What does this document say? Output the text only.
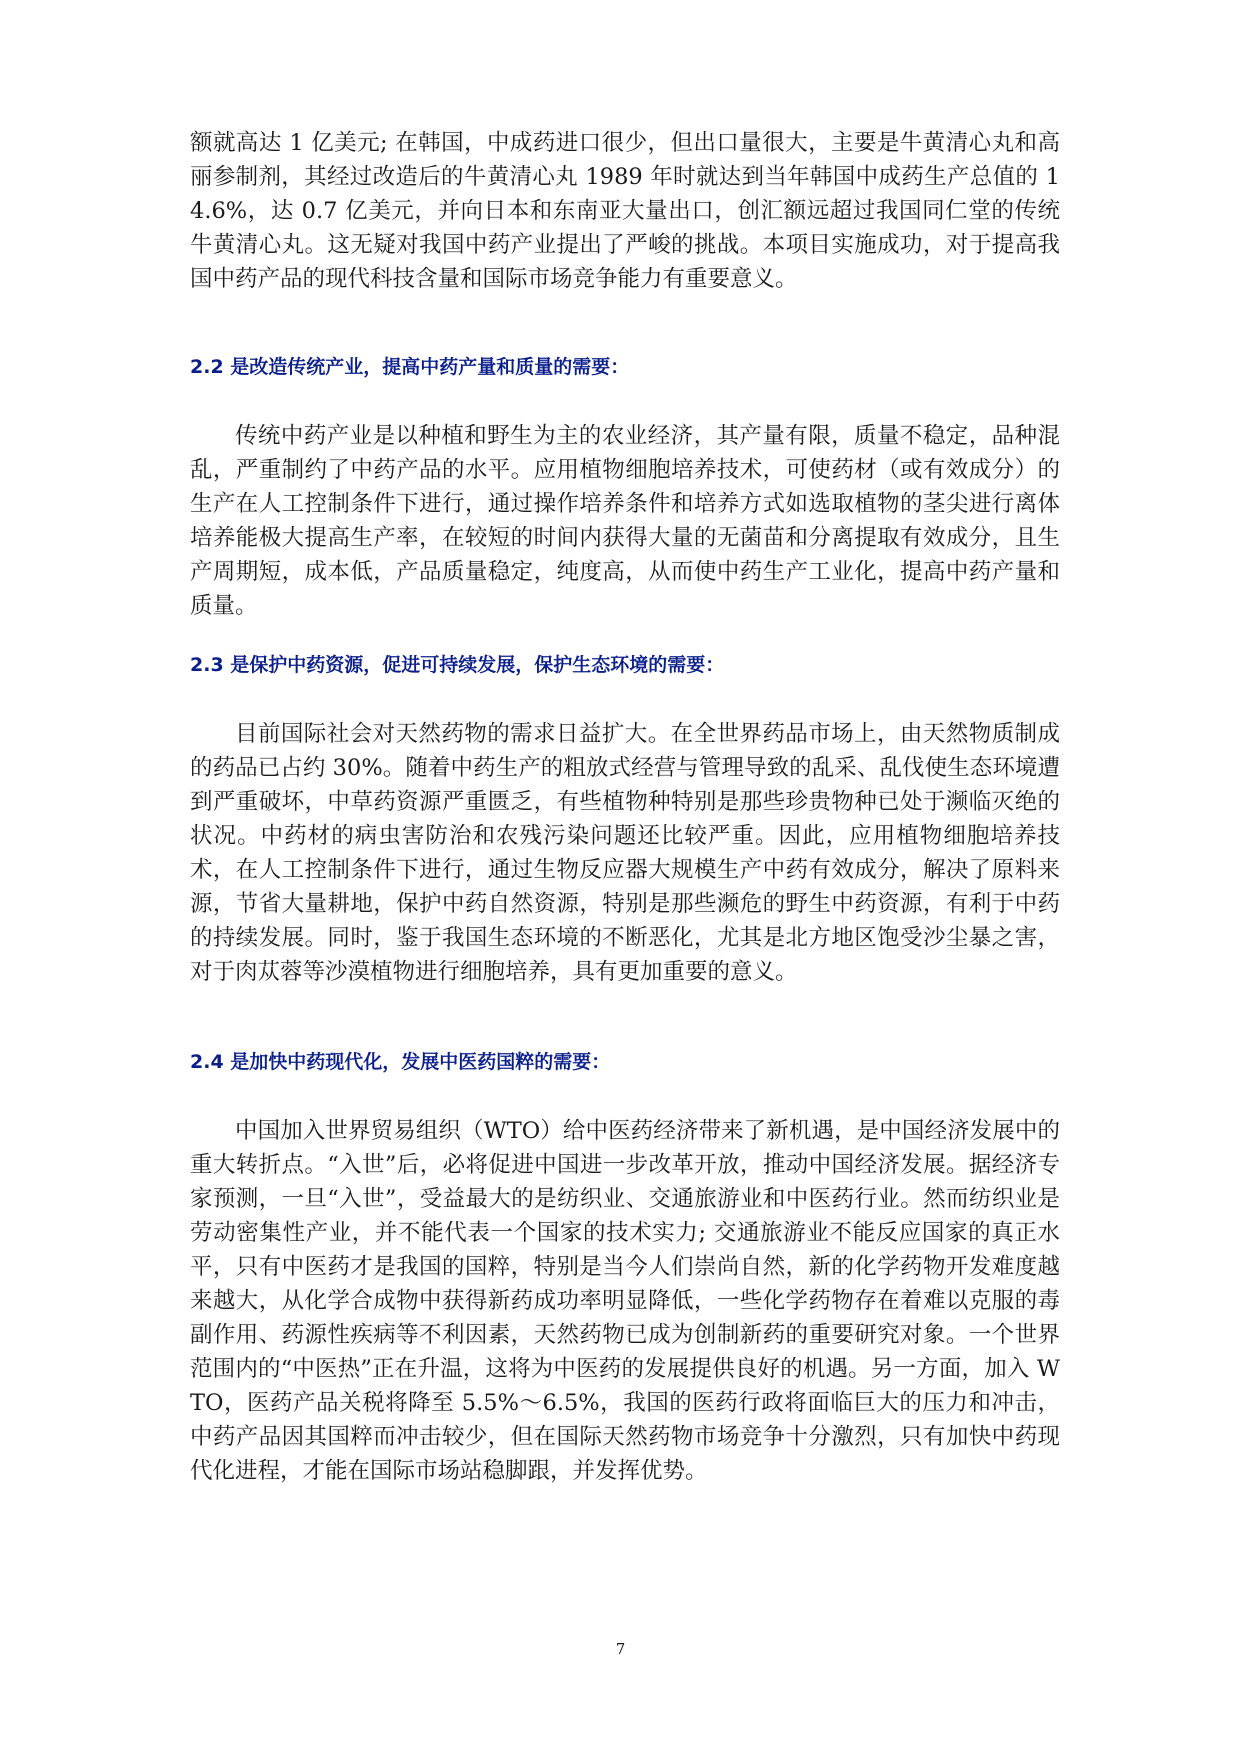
额就高达 1 亿美元; 在韩国，中成药进口很少，但出口量很大，主要是牛黄清心丸和高丽参制剂，其经过改造后的牛黄清心丸 1989 年时就达到当年韩国中成药生产总值的 14.6%，达 0.7 亿美元，并向日本和东南亚大量出口，创汇额远超过我国同仁堂的传统牛黄清心丸。这无疑对我国中药产业提出了严峻的挑战。本项目实施成功，对于提高我国中药产品的现代科技含量和国际市场竞争能力有重要意义。

2.2 是改造传统产业，提高中药产量和质量的需要：

传统中药产业是以种植和野生为主的农业经济，其产量有限，质量不稳定，品种混乱，严重制约了中药产品的水平。应用植物细胞培养技术，可使药材（或有效成分）的生产在人工控制条件下进行，通过操作培养条件和培养方式如选取植物的茎尖进行离体培养能极大提高生产率，在较短的时间内获得大量的无菌苗和分离提取有效成分，且生产周期短，成本低，产品质量稳定，纯度高，从而使中药生产工业化，提高中药产量和质量。

2.3 是保护中药资源，促进可持续发展，保护生态环境的需要：

目前国际社会对天然药物的需求日益扩大。在全世界药品市场上，由天然物质制成的药品已占约 30%。随着中药生产的粗放式经营与管理导致的乱采、乱伐使生态环境遭到严重破坏，中草药资源严重匮乏，有些植物种特别是那些珍贵物种已处于濒临灭绝的状况。中药材的病虫害防治和农残污染问题还比较严重。因此，应用植物细胞培养技术，在人工控制条件下进行，通过生物反应器大规模生产中药有效成分，解决了原料来源，节省大量耕地，保护中药自然资源，特别是那些濒危的野生中药资源，有利于中药的持续发展。同时，鉴于我国生态环境的不断恶化，尤其是北方地区饱受沙尘暴之害，对于肉苁蓉等沙漠植物进行细胞培养，具有更加重要的意义。

2.4 是加快中药现代化，发展中医药国粹的需要：

中国加入世界贸易组织（WTO）给中医药经济带来了新机遇，是中国经济发展中的重大转折点。“入世”后，必将促进中国进一步改革开放，推动中国经济发展。据经济专家预测，一旦“入世”，受益最大的是纺织业、交通旅游业和中医药行业。然而纺织业是劳动密集性产业，并不能代表一个国家的技术实力; 交通旅游业不能反应国家的真正水平，只有中医药才是我国的国粹，特别是当今人们崇尚自然，新的化学药物开发难度越来越大，从化学合成物中获得新药成功率明显降低，一些化学药物存在着难以克服的毒副作用、药源性疾病等不利因素，天然药物已成为创制新药的重要研究对象。一个世界范围内的“中医热”正在升温，这将为中医药的发展提供良好的机遇。另一方面，加入 WTO，医药产品关税将降至 5.5%～6.5%，我国的医药行政将面临巨大的压力和冲击，中药产品因其国粹而冲击较少，但在国际天然药物市场竞争十分激烈，只有加快中药现代化进程，才能在国际市场站稳脚跟，并发挥优势。

7
